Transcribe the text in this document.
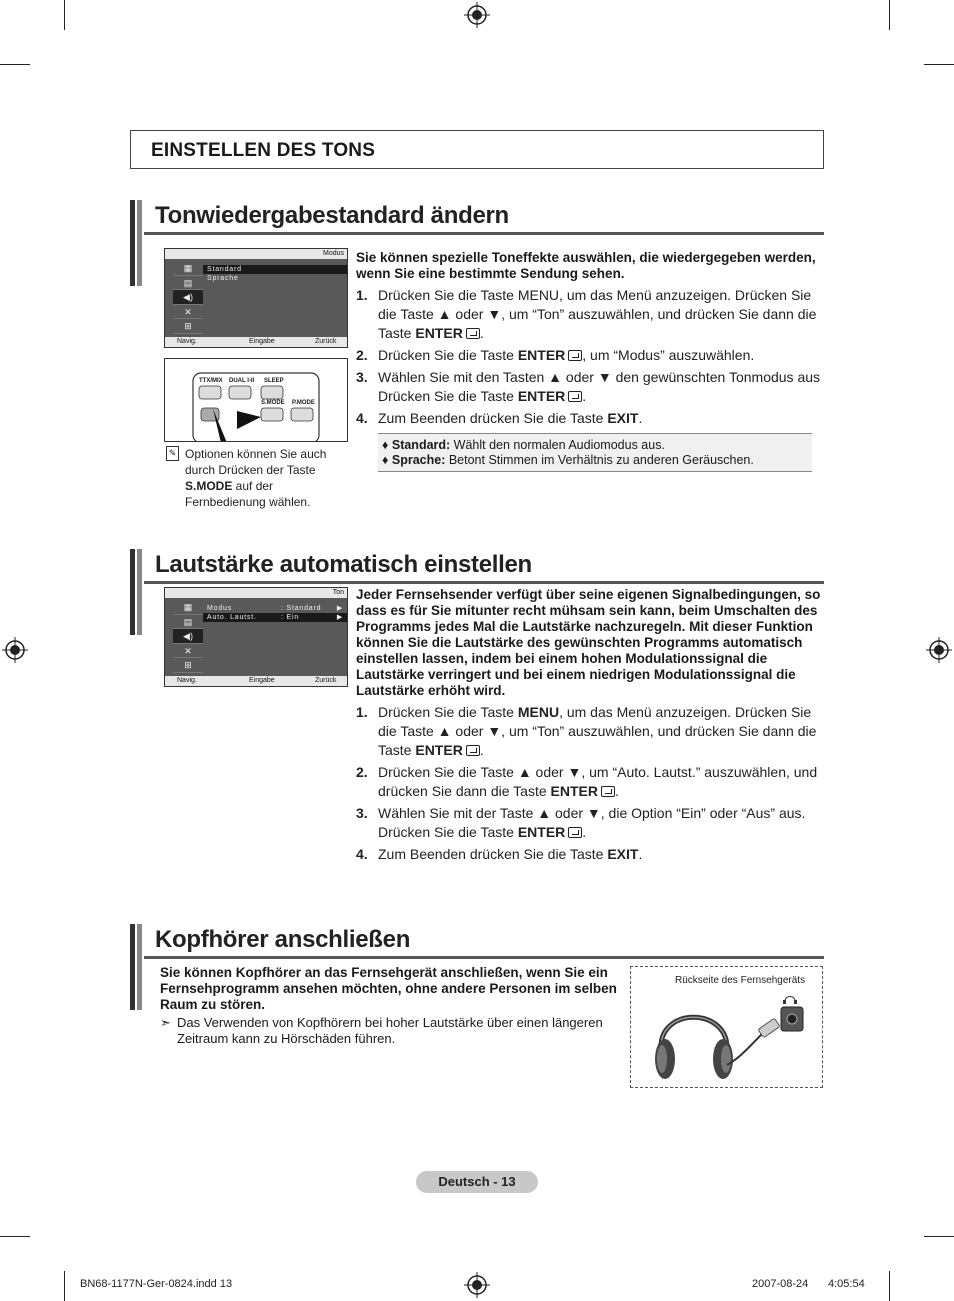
EINSTELLEN DES TONS
Tonwiedergabestandard ändern
Modus
▦
▤
◀)
✕
⊞
Standard
Sprache
Navig.	Eingabe	Zurück
TTX/MIX DUAL I-II SLEEP
S.MODE P.MODE
✎ Optionen können Sie auch durch Drücken der Taste S.MODE auf der Fernbedienung wählen.
Sie können spezielle Toneffekte auswählen, die wiedergegeben werden, wenn Sie eine bestimmte Sendung sehen.
1. Drücken Sie die Taste MENU, um das Menü anzuzeigen. Drücken Sie die Taste ▲ oder ▼, um “Ton” auszuwählen, und drücken Sie dann die Taste ENTER .
2. Drücken Sie die Taste ENTER , um “Modus” auszuwählen.
3. Wählen Sie mit den Tasten ▲ oder ▼ den gewünschten Tonmodus aus Drücken Sie die Taste ENTER .
4. Zum Beenden drücken Sie die Taste EXIT.
♦ Standard: Wählt den normalen Audiomodus aus.
♦ Sprache: Betont Stimmen im Verhältnis zu anderen Geräuschen.
Lautstärke automatisch einstellen
Ton
▦
▤
◀)
✕
⊞
Modus	: Standard ▶
Auto. Lautst.	: Ein	▶
Navig.	Eingabe	Zurück
Jeder Fernsehsender verfügt über seine eigenen Signalbedingungen, so dass es für Sie mitunter recht mühsam sein kann, beim Umschalten des Programms jedes Mal die Lautstärke nachzuregeln. Mit dieser Funktion können Sie die Lautstärke des gewünschten Programms automatisch einstellen lassen, indem bei einem hohen Modulationssignal die Lautstärke verringert und bei einem niedrigen Modulationssignal die Lautstärke erhöht wird.
1. Drücken Sie die Taste MENU, um das Menü anzuzeigen. Drücken Sie die Taste ▲ oder ▼, um “Ton” auszuwählen, und drücken Sie dann die Taste ENTER .
2. Drücken Sie die Taste ▲ oder ▼, um “Auto. Lautst.” auszuwählen, und drücken Sie dann die Taste ENTER .
3. Wählen Sie mit der Taste ▲ oder ▼, die Option “Ein” oder “Aus” aus. Drücken Sie die Taste ENTER .
4. Zum Beenden drücken Sie die Taste EXIT.
Kopfhörer anschließen
Sie können Kopfhörer an das Fernsehgerät anschließen, wenn Sie ein Fernsehprogramm ansehen möchten, ohne andere Personen im selben Raum zu stören.
➣ Das Verwenden von Kopfhörern bei hoher Lautstärke über einen längeren Zeitraum kann zu Hörschäden führen.
Rückseite des Fernsehgeräts
Deutsch - 13
BN68-1177N-Ger-0824.indd 13	2007-08-24 4:05:54
